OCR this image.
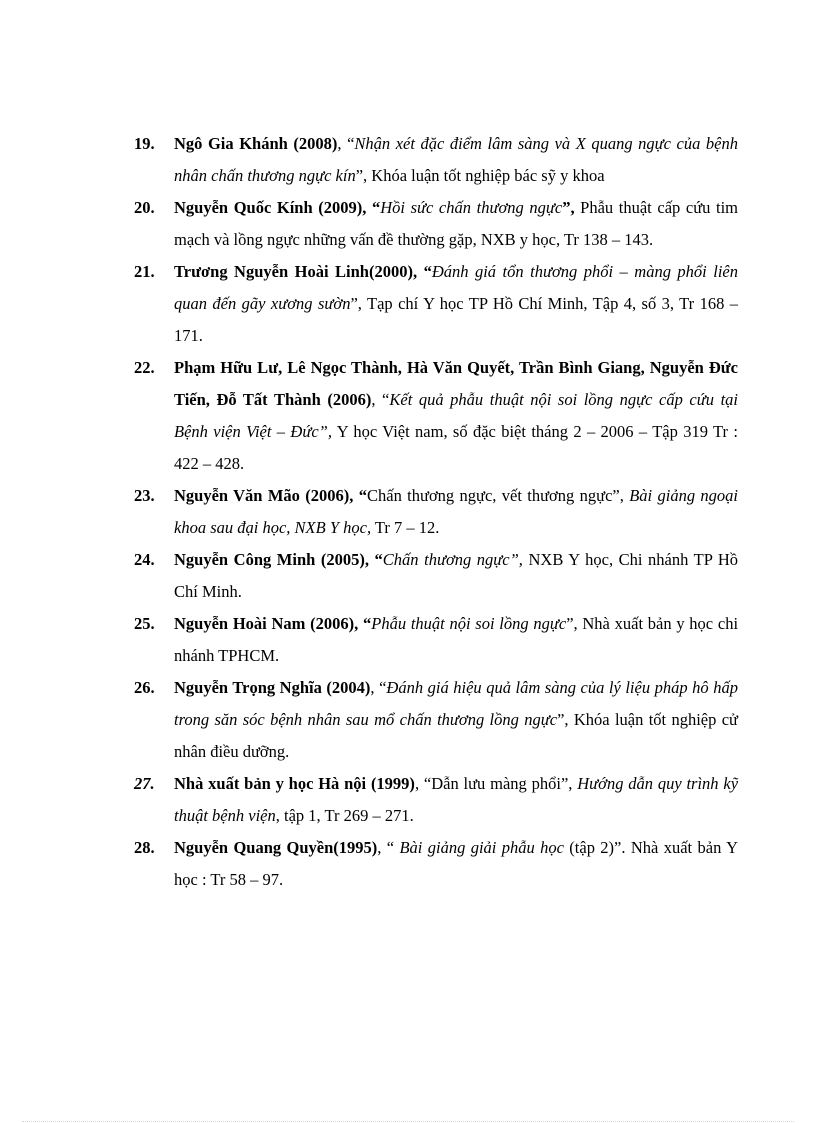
19.	Ngô Gia Khánh (2008), “Nhận xét đặc điểm lâm sàng và X quang ngực của bệnh nhân chấn thương ngực kín”, Khóa luận tốt nghiệp bác sỹ y khoa
20.	Nguyễn Quốc Kính (2009), “Hồi sức chấn thương ngực”, Phẫu thuật cấp cứu tim mạch và lồng ngực những vấn đề thường gặp, NXB y học, Tr 138 – 143.
21.	Trương Nguyễn Hoài Linh(2000), “Đánh giá tổn thương phổi – màng phổi liên quan đến gãy xương sườn”, Tạp chí Y học TP Hồ Chí Minh, Tập 4, số 3, Tr 168 – 171.
22.	Phạm Hữu Lư, Lê Ngọc Thành, Hà Văn Quyết, Trần Bình Giang, Nguyễn Đức Tiến, Đỗ Tất Thành (2006), “Kết quả phẫu thuật nội soi lồng ngực cấp cứu tại Bệnh viện Việt – Đức”, Y học Việt nam, số đặc biệt tháng 2 – 2006 – Tập 319 Tr : 422 – 428.
23.	Nguyễn Văn Mão (2006), “Chấn thương ngực, vết thương ngực”, Bài giảng ngoại khoa sau đại học, NXB Y học, Tr 7 – 12.
24.	Nguyễn Công Minh (2005), “Chấn thương ngực”, NXB Y học, Chi nhánh TP Hồ Chí Minh.
25.	Nguyễn Hoài Nam (2006), “Phẫu thuật nội soi lồng ngực”, Nhà xuất bản y học chi nhánh TPHCM.
26.	Nguyễn Trọng Nghĩa (2004), “Đánh giá hiệu quả lâm sàng của lý liệu pháp hô hấp trong săn sóc bệnh nhân sau mổ chấn thương lồng ngực”, Khóa luận tốt nghiệp cử nhân điều dưỡng.
27.	Nhà xuất bản y học Hà nội (1999), “Dẫn lưu màng phổi”, Hướng dẫn quy trình kỹ thuật bệnh viện, tập 1, Tr 269 – 271.
28.	Nguyễn Quang Quyền(1995), “ Bài giảng giải phẫu học (tập 2)”. Nhà xuất bản Y học : Tr 58 – 97.
